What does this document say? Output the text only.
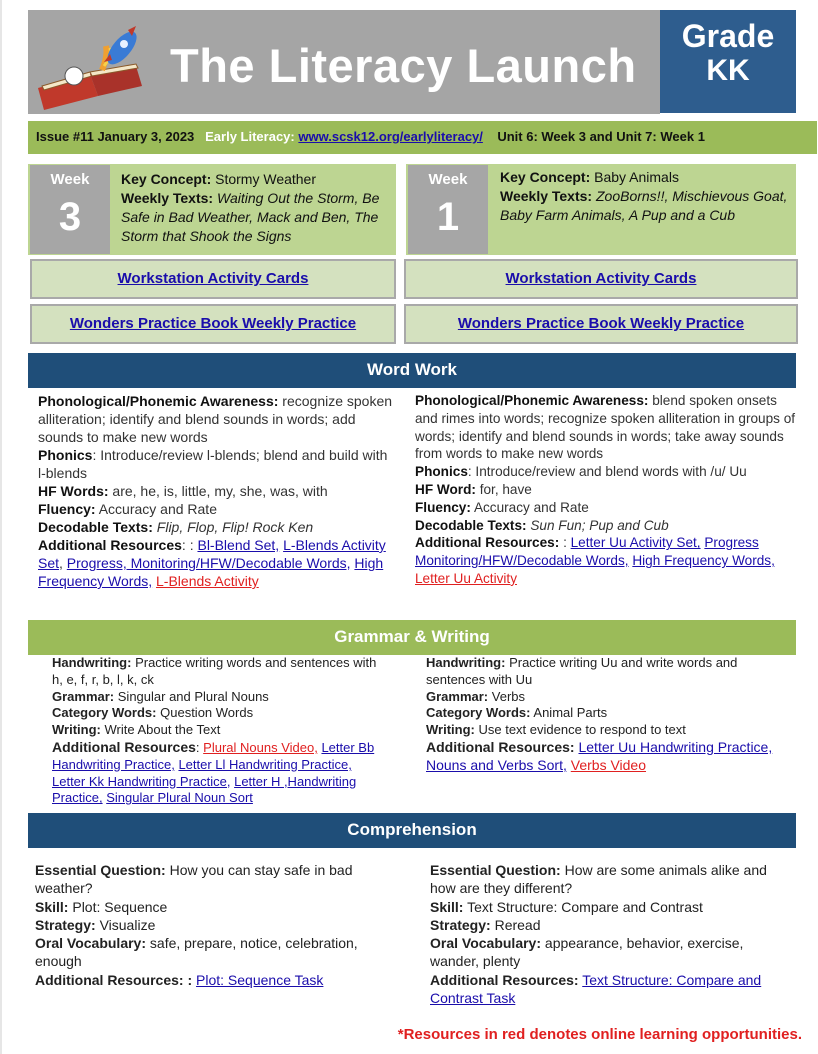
The Literacy Launch
Grade
KK
Issue #11 January 3, 2023 Early Literacy: www.scsk12.org/earlyliteracy/ Unit 6: Week 3 and Unit 7: Week 1
Week
3
Key Concept: Stormy Weather
Weekly Texts: Waiting Out the Storm, Be Safe in Bad Weather, Mack and Ben, The Storm that Shook the Signs
Week
1
Key Concept: Baby Animals
Weekly Texts: ZooBorns!!, Mischievous Goat, Baby Farm Animals, A Pup and a Cub
Workstation Activity Cards	Workstation Activity Cards
Wonders Practice Book Weekly Practice	Wonders Practice Book Weekly Practice
Word Work
Phonological/Phonemic Awareness: recognize spoken alliteration; identify and blend sounds in words; add sounds to make new words
Phonics: Introduce/review l-blends; blend and build with l-blends
HF Words: are, he, is, little, my, she, was, with
Fluency: Accuracy and Rate
Decodable Texts: Flip, Flop, Flip! Rock Ken
Additional Resources: : Bl-Blend Set, L-Blends Activity Set, Progress, Monitoring/HFW/Decodable Words, High Frequency Words, L-Blends Activity
Phonological/Phonemic Awareness: blend spoken onsets and rimes into words; recognize spoken alliteration in groups of words; identify and blend sounds in words; take away sounds from words to make new words
Phonics: Introduce/review and blend words with /u/ Uu
HF Word: for, have
Fluency: Accuracy and Rate
Decodable Texts: Sun Fun; Pup and Cub
Additional Resources: : Letter Uu Activity Set, Progress Monitoring/HFW/Decodable Words, High Frequency Words, Letter Uu Activity
Grammar & Writing
Handwriting: Practice writing words and sentences with h, e, f, r, b, l, k, ck
Grammar: Singular and Plural Nouns
Category Words: Question Words
Writing: Write About the Text
Additional Resources: Plural Nouns Video, Letter Bb Handwriting Practice, Letter Ll Handwriting Practice, Letter Kk Handwriting Practice, Letter H ,Handwriting Practice, Singular Plural Noun Sort
Handwriting: Practice writing Uu and write words and sentences with Uu
Grammar: Verbs
Category Words: Animal Parts
Writing: Use text evidence to respond to text
Additional Resources: Letter Uu Handwriting Practice, Nouns and Verbs Sort, Verbs Video
Comprehension
Essential Question: How you can stay safe in bad weather?
Skill: Plot: Sequence
Strategy: Visualize
Oral Vocabulary: safe, prepare, notice, celebration, enough
Additional Resources: : Plot: Sequence Task
Essential Question: How are some animals alike and how are they different?
Skill: Text Structure: Compare and Contrast
Strategy: Reread
Oral Vocabulary: appearance, behavior, exercise, wander, plenty
Additional Resources: Text Structure: Compare and Contrast Task
*Resources in red denotes online learning opportunities.
